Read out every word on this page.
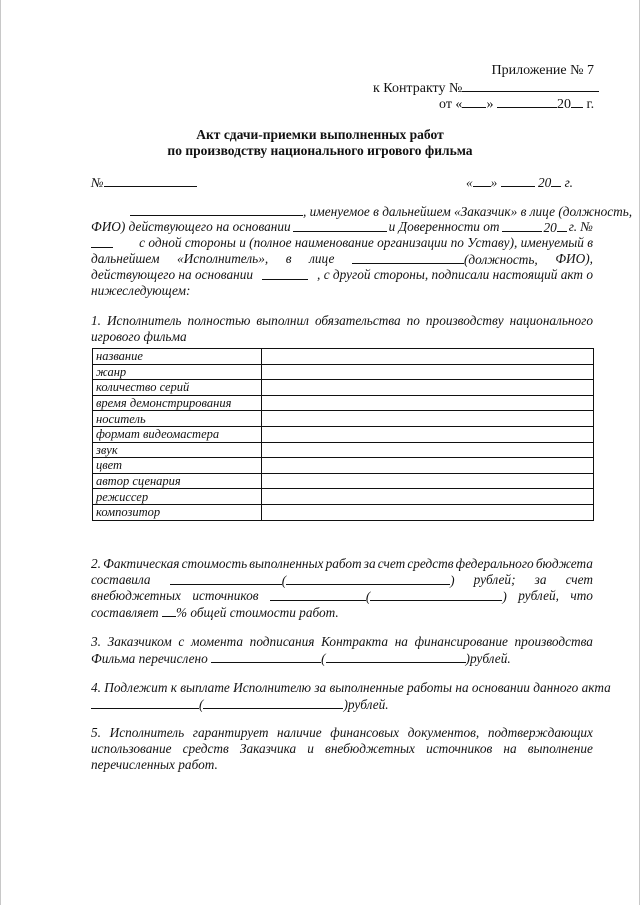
Приложение № 7
к Контракту №
от « »	20 г.
Акт сдачи-приемки выполненных работ
по производству национального игрового фильма
№	« »	20 г.
, именуемое в дальнейшем «Заказчик» в лице (должность,
ФИО) действующего на основании	и Доверенности от	20 г. №
с одной стороны и (полное наименование организации по Уставу), именуемый в
дальнейшем «Исполнитель», в лице	(должность, ФИО),
действующего на основании	, с другой стороны, подписали настоящий акт о
нижеследующем:
1. Исполнитель полностью выполнил обязательства по производству национального
игрового фильма
название	
жанр	
количество серий	
время демонстрирования	
носитель	
формат видеомастера	
звук	
цвет	
автор сценария	
режиссер	
композитор	
2. Фактическая стоимость выполненных работ за счет средств федерального бюджета
составила	(	) рублей; за счет
внебюджетных источников	(	) рублей, что
составляет % общей стоимости работ.
3. Заказчиком с момента подписания Контракта на финансирование производства
Фильма перечислено	(	)рублей.
4. Подлежит к выплате Исполнителю за выполненные работы на основании данного акта
(	)рублей.
5. Исполнитель гарантирует наличие финансовых документов, подтверждающих
использование средств Заказчика и внебюджетных источников на выполнение
перечисленных работ.
